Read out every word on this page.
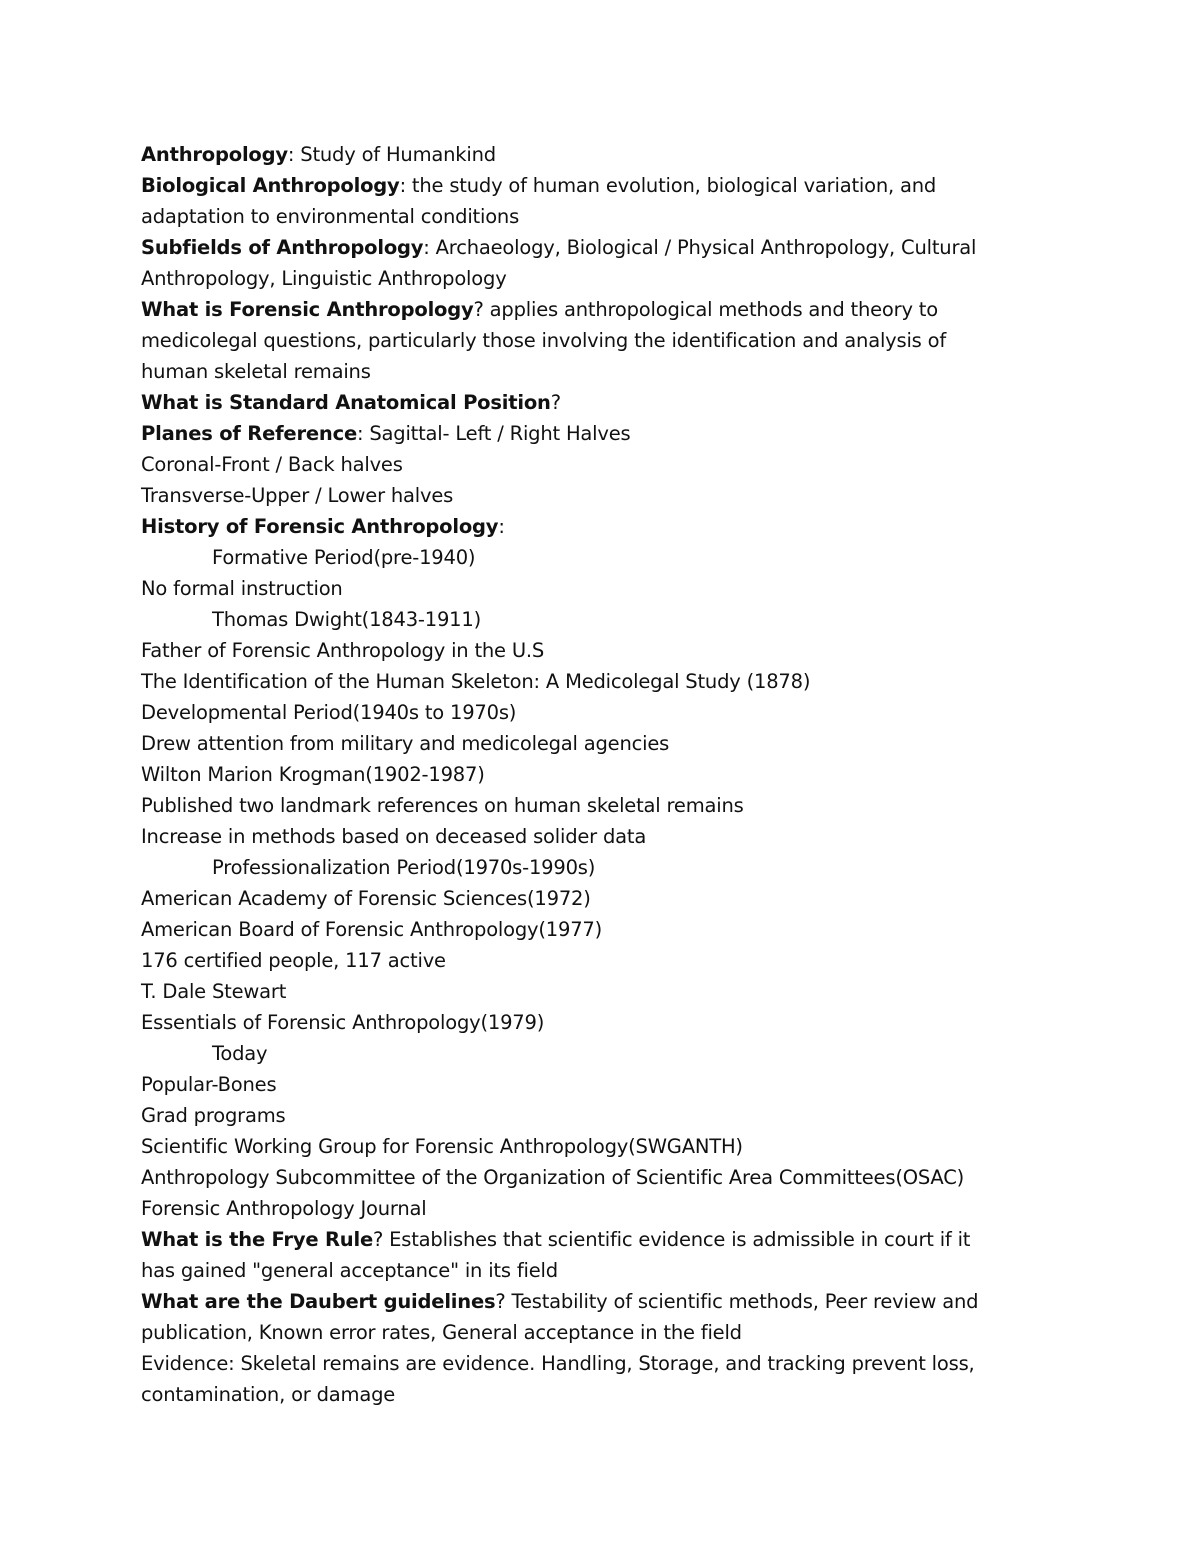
Anthropology: Study of Humankind
Biological Anthropology: the study of human evolution, biological variation, and
adaptation to environmental conditions
Subfields of Anthropology: Archaeology, Biological / Physical Anthropology, Cultural
Anthropology, Linguistic Anthropology
What is Forensic Anthropology? applies anthropological methods and theory to
medicolegal questions, particularly those involving the identification and analysis of
human skeletal remains
What is Standard Anatomical Position?
Planes of Reference: Sagittal- Left / Right Halves
Coronal-Front / Back halves
Transverse-Upper / Lower halves
History of Forensic Anthropology:
Formative Period(pre-1940)
No formal instruction
Thomas Dwight(1843-1911)
Father of Forensic Anthropology in the U.S
The Identification of the Human Skeleton: A Medicolegal Study (1878)
Developmental Period(1940s to 1970s)
Drew attention from military and medicolegal agencies
Wilton Marion Krogman(1902-1987)
Published two landmark references on human skeletal remains
Increase in methods based on deceased solider data
Professionalization Period(1970s-1990s)
American Academy of Forensic Sciences(1972)
American Board of Forensic Anthropology(1977)
176 certified people, 117 active
T. Dale Stewart
Essentials of Forensic Anthropology(1979)
Today
Popular-Bones
Grad programs
Scientific Working Group for Forensic Anthropology(SWGANTH)
Anthropology Subcommittee of the Organization of Scientific Area Committees(OSAC)
Forensic Anthropology Journal
What is the Frye Rule? Establishes that scientific evidence is admissible in court if it
has gained "general acceptance" in its field
What are the Daubert guidelines? Testability of scientific methods, Peer review and
publication, Known error rates, General acceptance in the field
Evidence: Skeletal remains are evidence. Handling, Storage, and tracking prevent loss,
contamination, or damage
